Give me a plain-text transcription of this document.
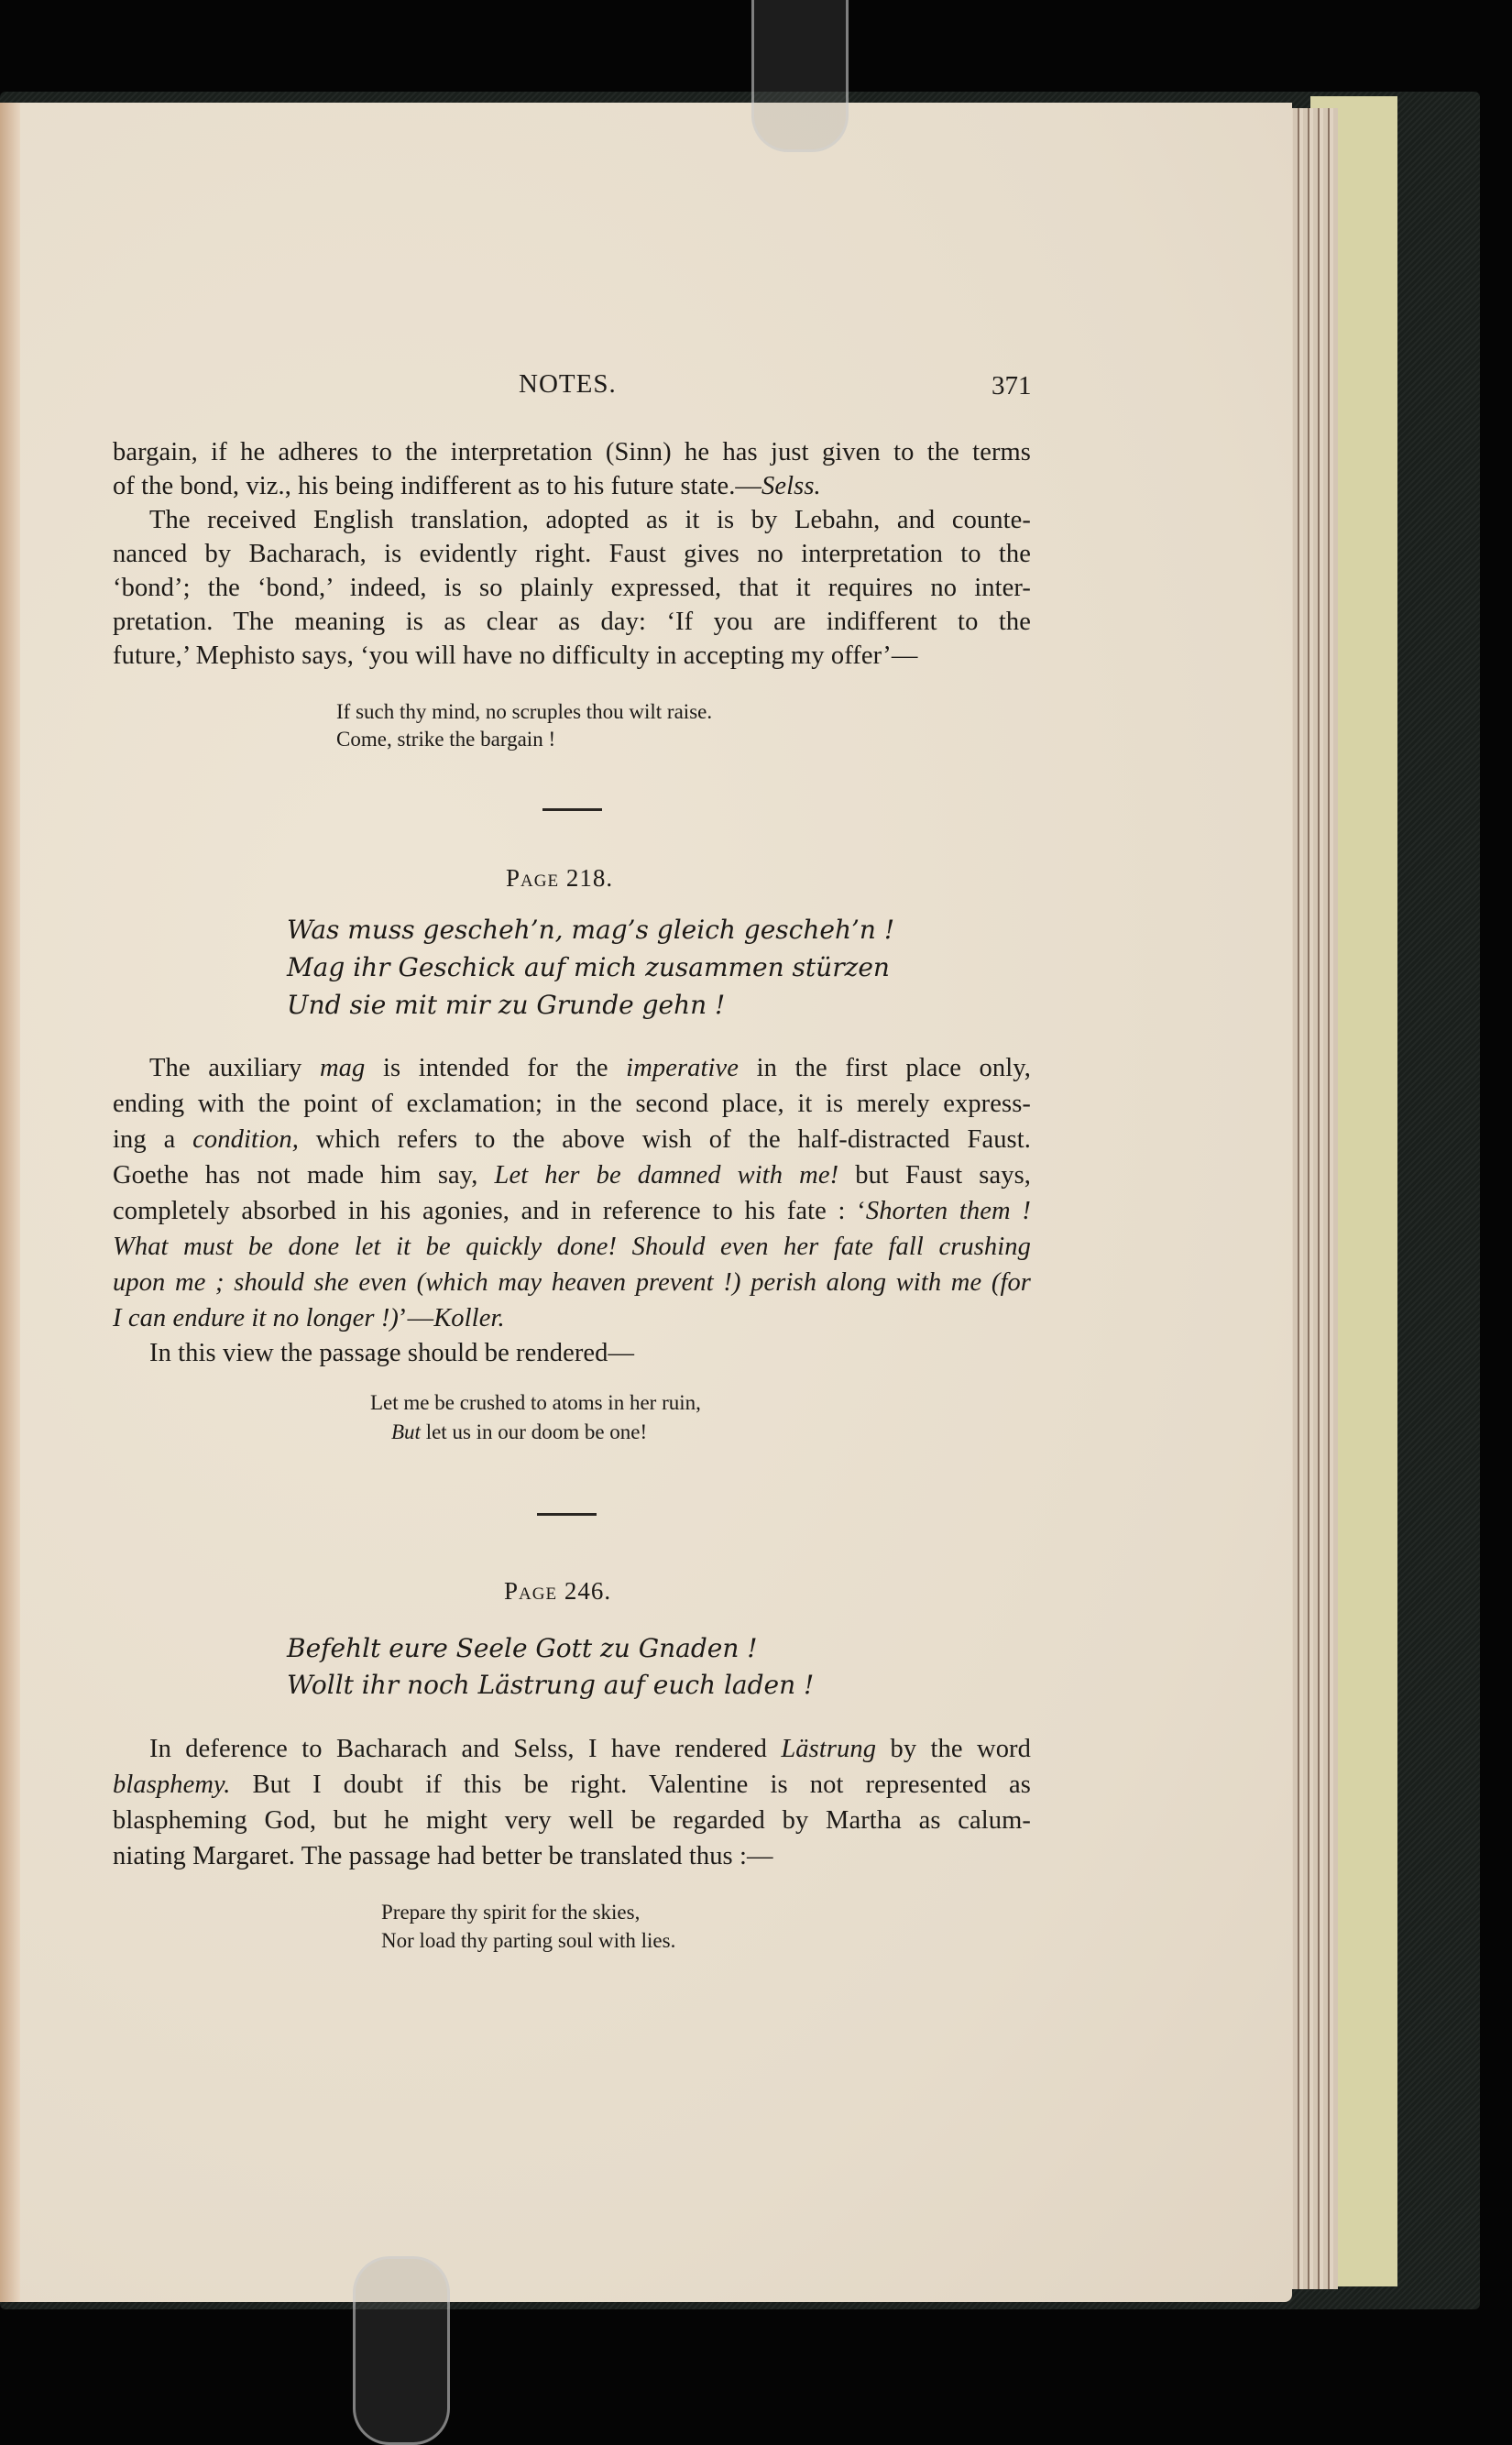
NOTES.	371
bargain, if he adheres to the interpretation (Sinn) he has just given to the terms
of the bond, viz., his being indifferent as to his future state.—Selss.
The received English translation, adopted as it is by Lebahn, and counte-
nanced by Bacharach, is evidently right. Faust gives no interpretation to the
‘bond’; the ‘bond,’ indeed, is so plainly expressed, that it requires no inter-
pretation. The meaning is as clear as day: ‘If you are indifferent to the
future,’ Mephisto says, ‘you will have no difficulty in accepting my offer’—
If such thy mind, no scruples thou wilt raise.
Come, strike the bargain !
Page 218.
Was muss gescheh’n, mag’s gleich gescheh’n !
Mag ihr Geschick auf mich zusammen stürzen
Und sie mit mir zu Grunde gehn !
The auxiliary mag is intended for the imperative in the first place only,
ending with the point of exclamation; in the second place, it is merely express-
ing a condition, which refers to the above wish of the half-distracted Faust.
Goethe has not made him say, Let her be damned with me! but Faust says,
completely absorbed in his agonies, and in reference to his fate : ‘Shorten them !
What must be done let it be quickly done! Should even her fate fall crushing
upon me ; should she even (which may heaven prevent !) perish along with me (for
I can endure it no longer !)’—Koller.
In this view the passage should be rendered—
Let me be crushed to atoms in her ruin,
But let us in our doom be one!
Page 246.
Befehlt eure Seele Gott zu Gnaden !
Wollt ihr noch Lästrung auf euch laden !
In deference to Bacharach and Selss, I have rendered Lästrung by the word
blasphemy. But I doubt if this be right. Valentine is not represented as
blaspheming God, but he might very well be regarded by Martha as calum-
niating Margaret. The passage had better be translated thus :—
Prepare thy spirit for the skies,
Nor load thy parting soul with lies.
